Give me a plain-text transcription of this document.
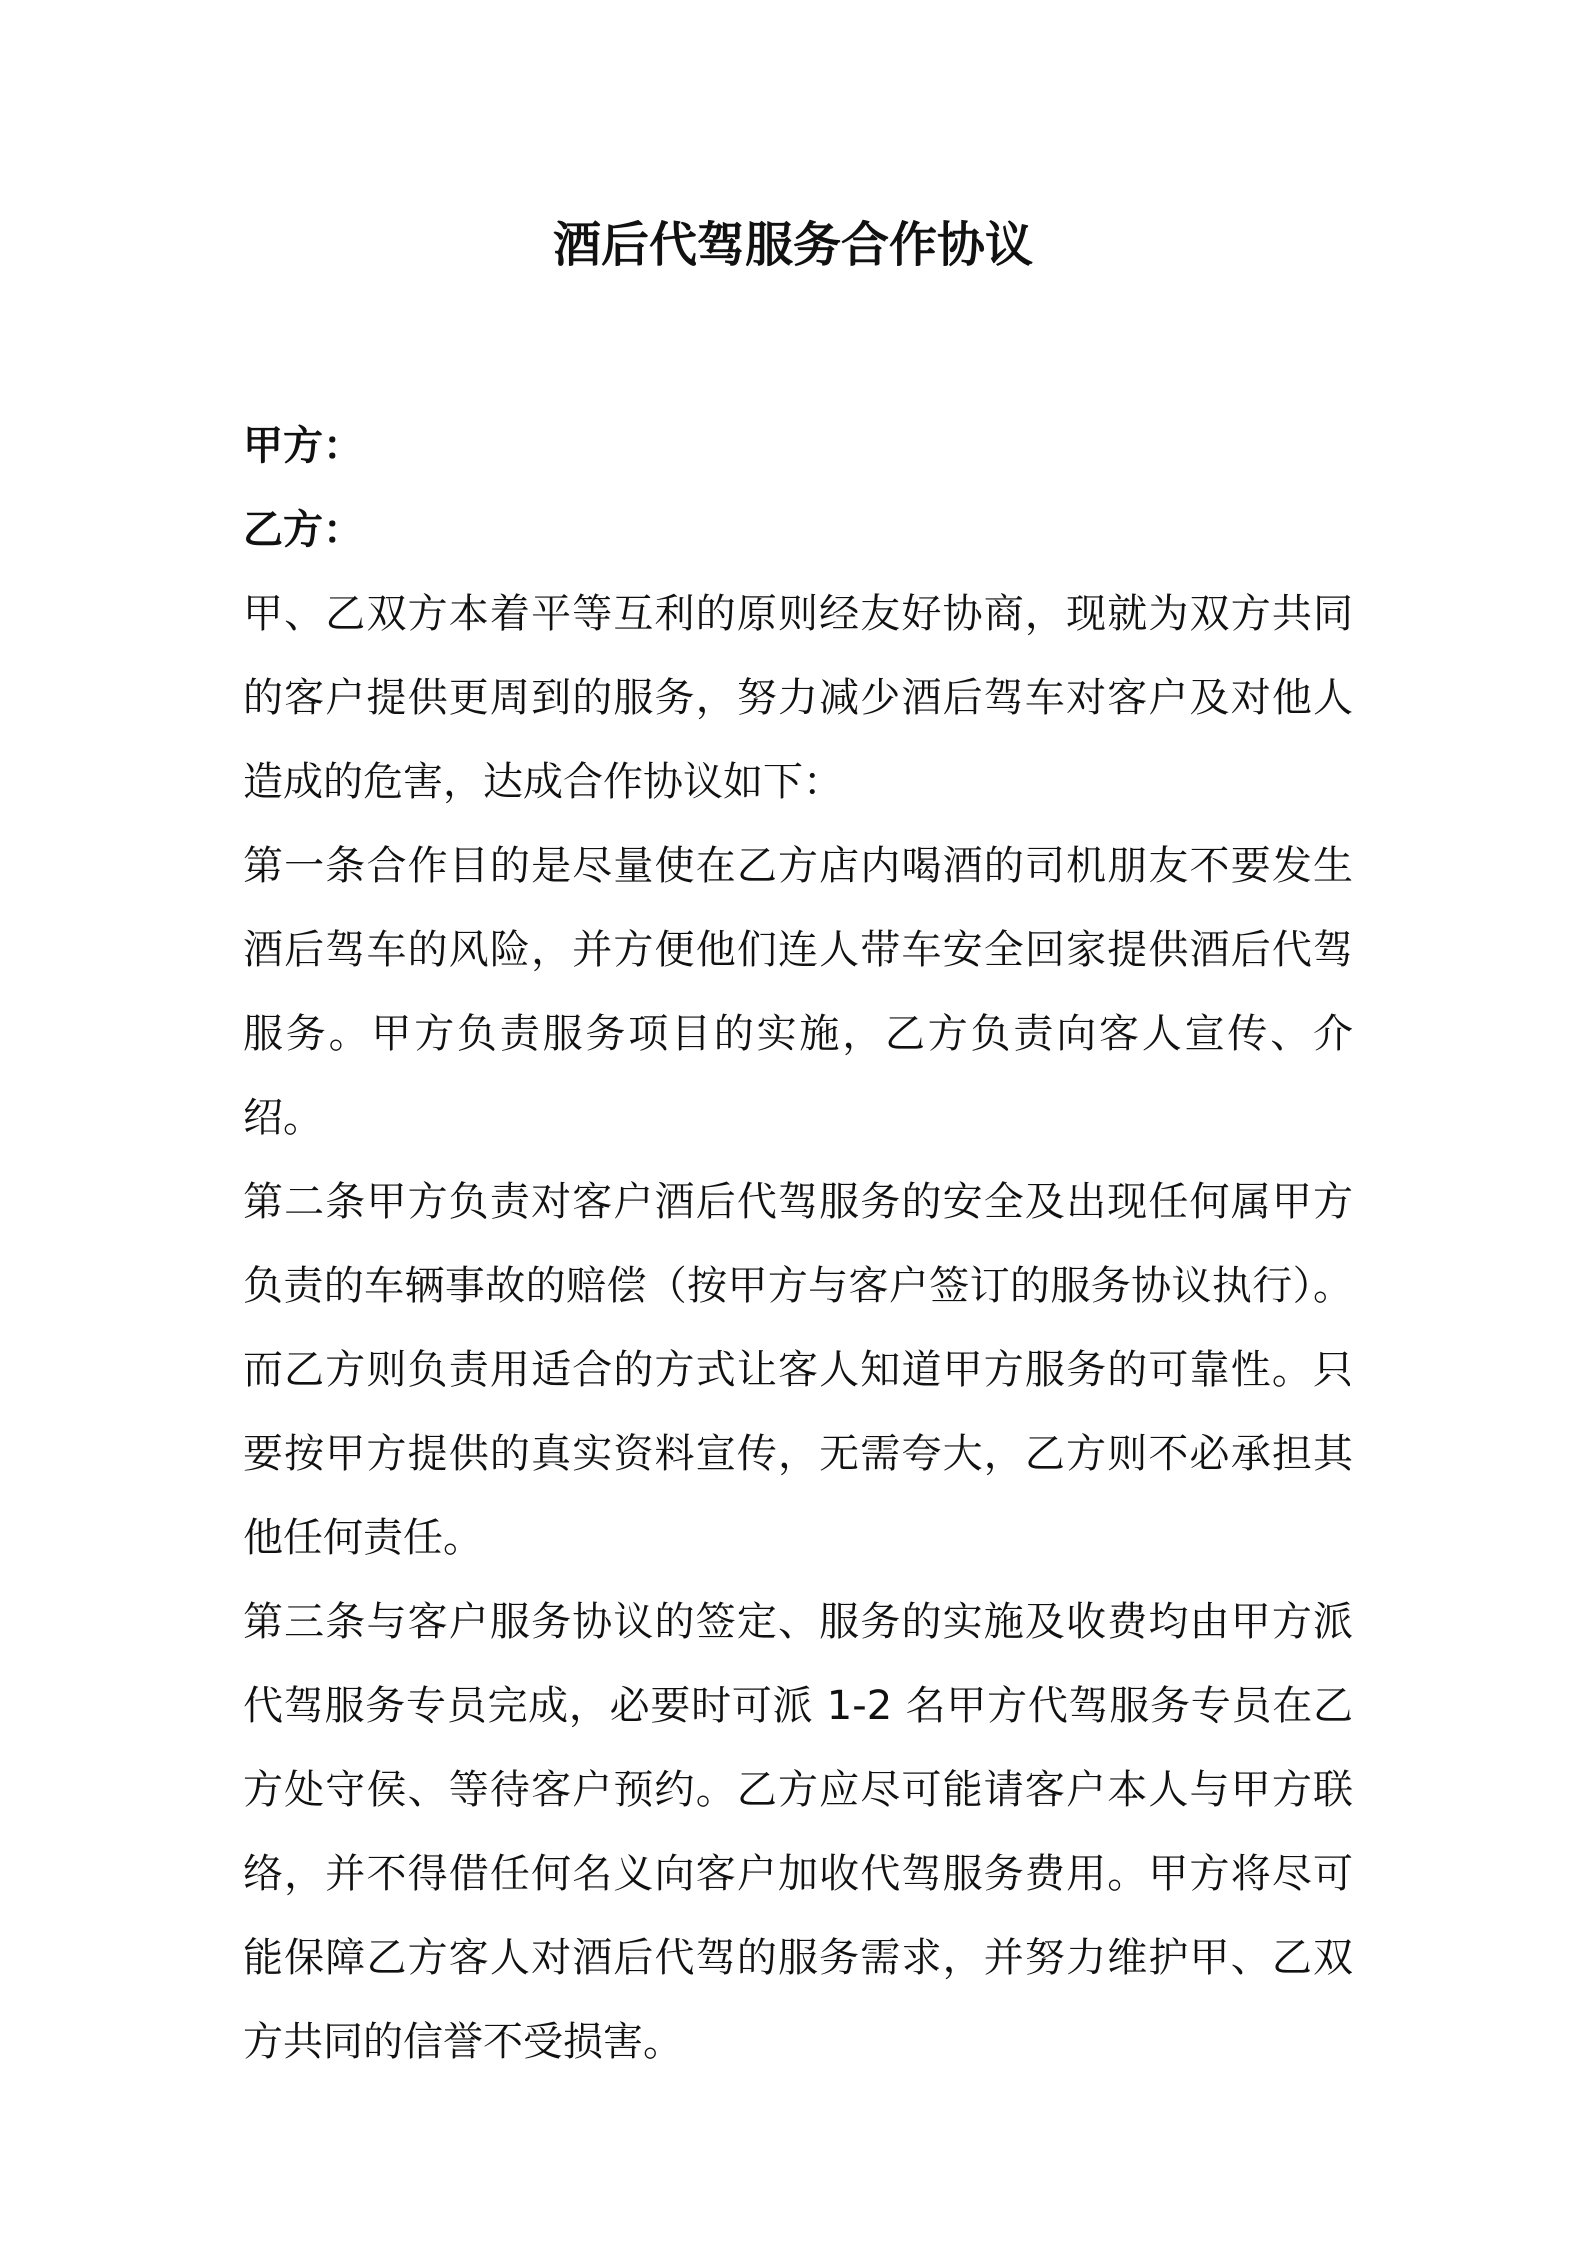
酒后代驾服务合作协议

甲方：

乙方：

甲、乙双方本着平等互利的原则经友好协商，现就为双方共同的客户提供更周到的服务，努力减少酒后驾车对客户及对他人造成的危害，达成合作协议如下：

第一条合作目的是尽量使在乙方店内喝酒的司机朋友不要发生酒后驾车的风险，并方便他们连人带车安全回家提供酒后代驾服务。甲方负责服务项目的实施，乙方负责向客人宣传、介绍。

第二条甲方负责对客户酒后代驾服务的安全及出现任何属甲方负责的车辆事故的赔偿（按甲方与客户签订的服务协议执行）。而乙方则负责用适合的方式让客人知道甲方服务的可靠性。只要按甲方提供的真实资料宣传，无需夸大，乙方则不必承担其他任何责任。

第三条与客户服务协议的签定、服务的实施及收费均由甲方派代驾服务专员完成，必要时可派 1-2 名甲方代驾服务专员在乙方处守侯、等待客户预约。乙方应尽可能请客户本人与甲方联络，并不得借任何名义向客户加收代驾服务费用。甲方将尽可能保障乙方客人对酒后代驾的服务需求，并努力维护甲、乙双方共同的信誉不受损害。
